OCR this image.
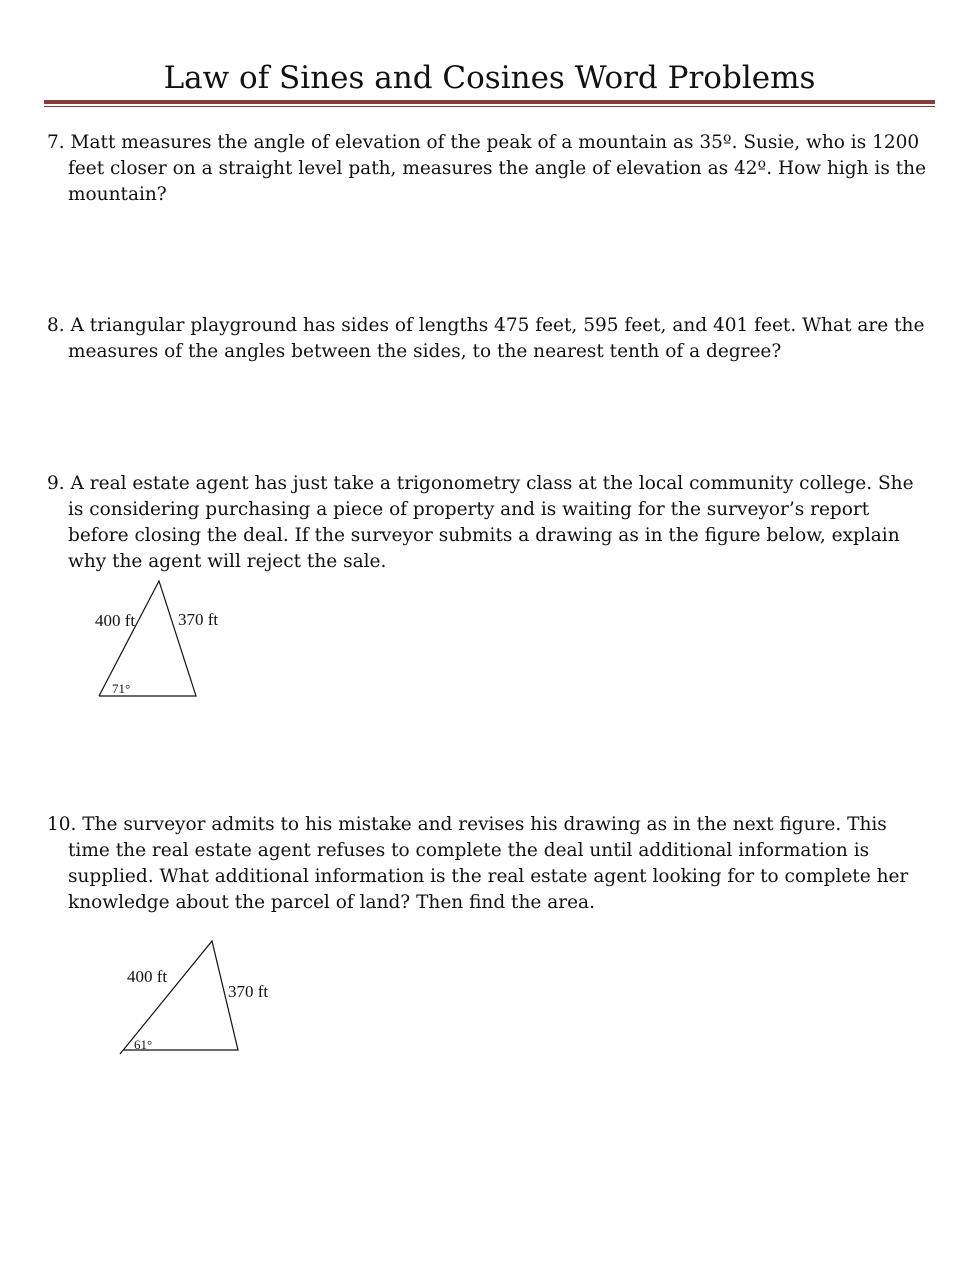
Law of Sines and Cosines Word Problems
7. Matt measures the angle of elevation of the peak of a mountain as 35º. Susie, who is 1200
feet closer on a straight level path, measures the angle of elevation as 42º. How high is the
mountain?
8. A triangular playground has sides of lengths 475 feet, 595 feet, and 401 feet. What are the
measures of the angles between the sides, to the nearest tenth of a degree?
9. A real estate agent has just take a trigonometry class at the local community college. She
is considering purchasing a piece of property and is waiting for the surveyor’s report
before closing the deal. If the surveyor submits a drawing as in the figure below, explain
why the agent will reject the sale.
400 ft	370 ft
71°
10. The surveyor admits to his mistake and revises his drawing as in the next figure. This
time the real estate agent refuses to complete the deal until additional information is
supplied. What additional information is the real estate agent looking for to complete her
knowledge about the parcel of land? Then find the area.
400 ft
370 ft
61°
